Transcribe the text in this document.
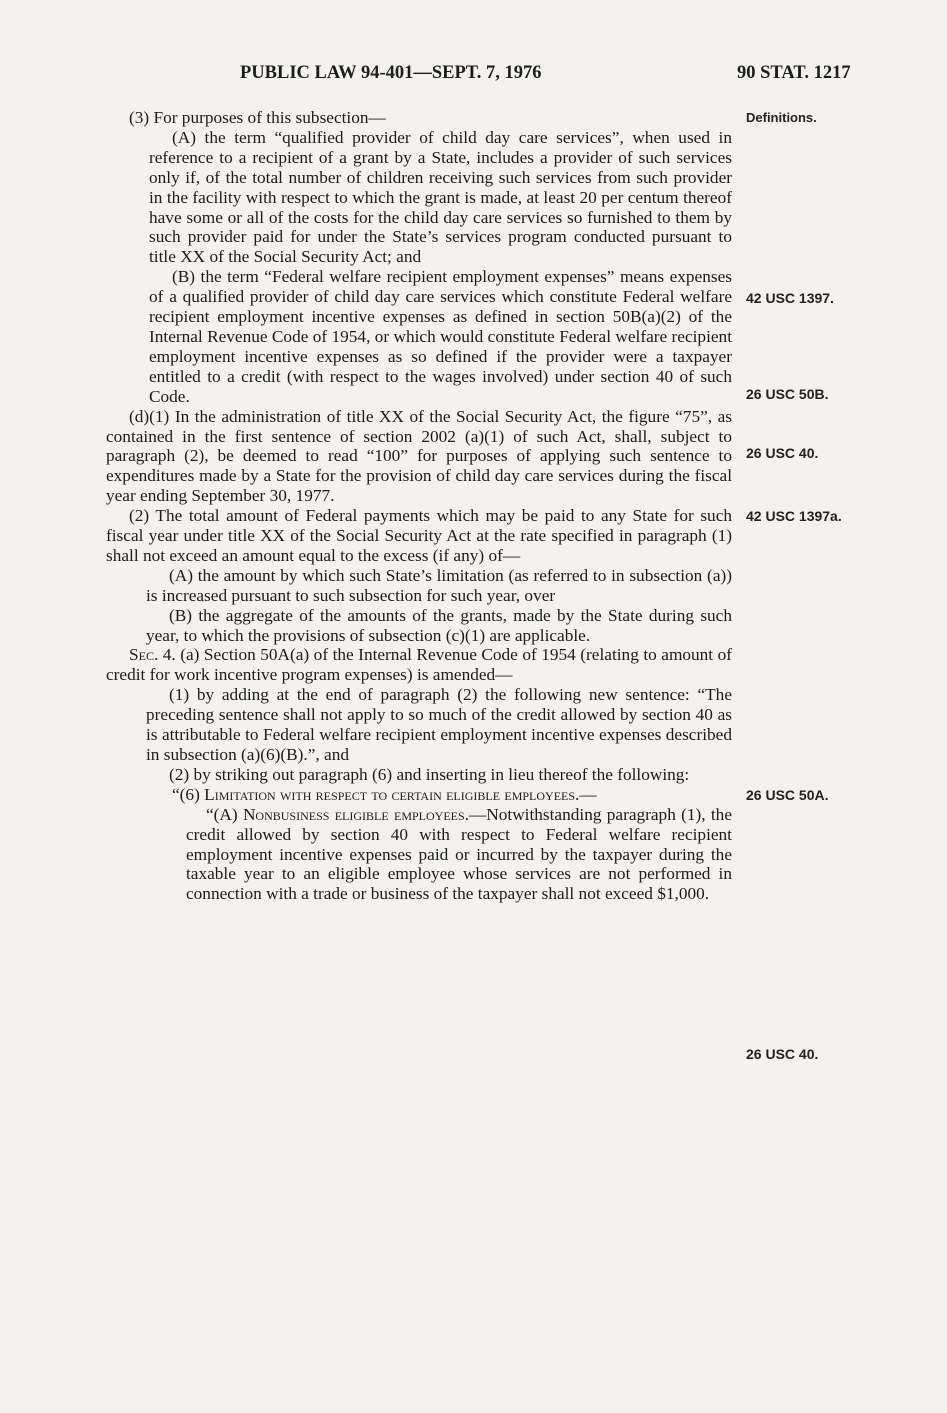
PUBLIC LAW 94-401—SEPT. 7, 1976	90 STAT. 1217

(3) For purposes of this subsection—

(A) the term “qualified provider of child day care services”, when used in reference to a recipient of a grant by a State, includes a provider of such services only if, of the total number of children receiving such services from such provider in the facility with respect to which the grant is made, at least 20 per centum thereof have some or all of the costs for the child day care services so furnished to them by such provider paid for under the State’s services program conducted pursuant to title XX of the Social Security Act; and

(B) the term “Federal welfare recipient employment expenses” means expenses of a qualified provider of child day care services which constitute Federal welfare recipient employment incentive expenses as defined in section 50B(a)(2) of the Internal Revenue Code of 1954, or which would constitute Federal welfare recipient employment incentive expenses as so defined if the provider were a taxpayer entitled to a credit (with respect to the wages involved) under section 40 of such Code.

(d)(1) In the administration of title XX of the Social Security Act, the figure “75”, as contained in the first sentence of section 2002 (a)(1) of such Act, shall, subject to paragraph (2), be deemed to read “100” for purposes of applying such sentence to expenditures made by a State for the provision of child day care services during the fiscal year ending September 30, 1977.

(2) The total amount of Federal payments which may be paid to any State for such fiscal year under title XX of the Social Security Act at the rate specified in paragraph (1) shall not exceed an amount equal to the excess (if any) of—

(A) the amount by which such State’s limitation (as referred to in subsection (a)) is increased pursuant to such subsection for such year, over

(B) the aggregate of the amounts of the grants, made by the State during such year, to which the provisions of subsection (c)(1) are applicable.

Sec. 4. (a) Section 50A(a) of the Internal Revenue Code of 1954 (relating to amount of credit for work incentive program expenses) is amended—

(1) by adding at the end of paragraph (2) the following new sentence: “The preceding sentence shall not apply to so much of the credit allowed by section 40 as is attributable to Federal welfare recipient employment incentive expenses described in subsection (a)(6)(B).”, and

(2) by striking out paragraph (6) and inserting in lieu thereof the following:

“(6) Limitation with respect to certain eligible employees.—

“(A) Nonbusiness eligible employees.—Notwithstanding paragraph (1), the credit allowed by section 40 with respect to Federal welfare recipient employment incentive expenses paid or incurred by the taxpayer during the taxable year to an eligible employee whose services are not performed in connection with a trade or business of the taxpayer shall not exceed $1,000.

Definitions.
42 USC 1397.
26 USC 50B.
26 USC 40.
42 USC 1397a.
26 USC 50A.
26 USC 40.
